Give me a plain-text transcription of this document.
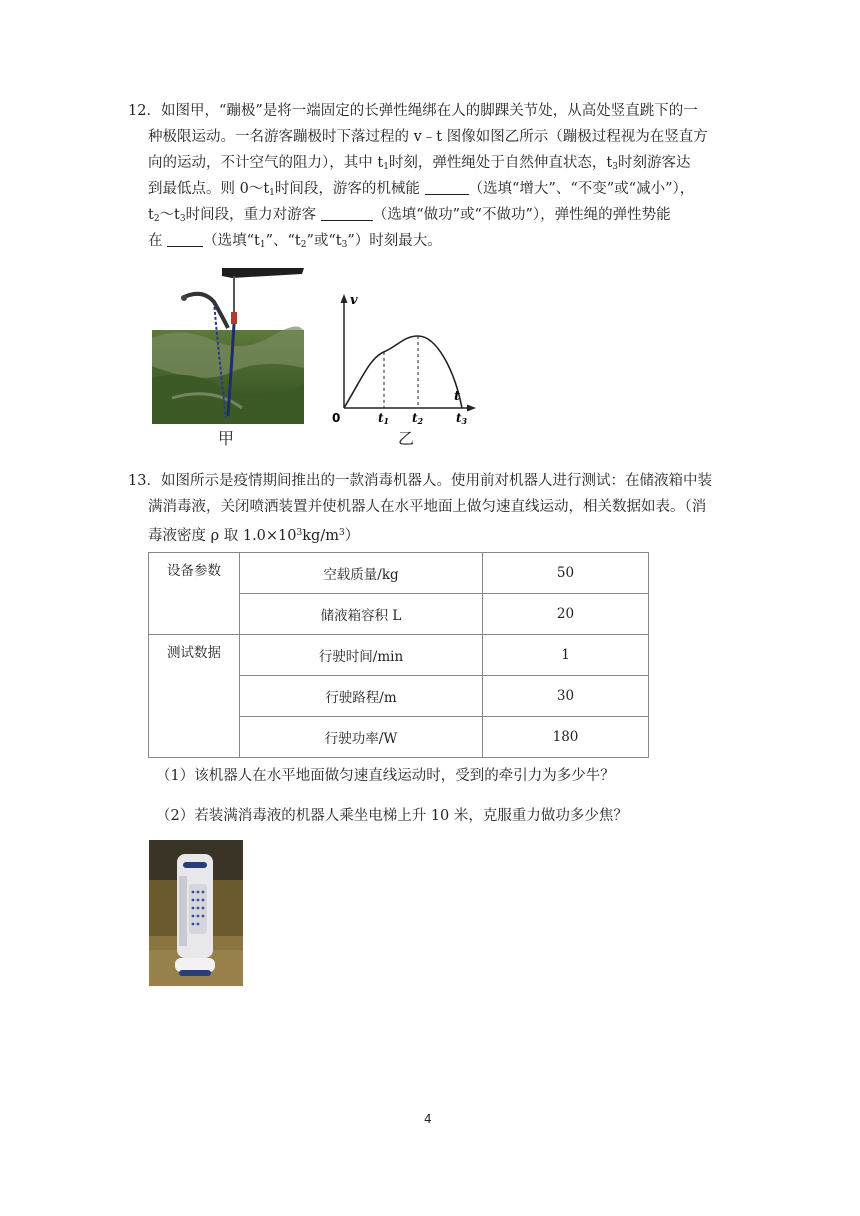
12．如图甲，“蹦极”是将一端固定的长弹性绳绑在人的脚踝关节处，从高处竖直跳下的一
种极限运动。一名游客蹦极时下落过程的 v﹣t 图像如图乙所示（蹦极过程视为在竖直方
向的运动，不计空气的阻力），其中 $t_1$时刻，弹性绳处于自然伸直状态，$t_3$时刻游客达
到最低点。则 $0\sim t_1$时间段，游客的机械能	（选填“增大”、“不变”或“减小”），
$t_2\sim t_3$时间段，重力对游客	（选填“做功”或“不做功”），弹性绳的弹性势能
在	（选填“$t_1$”、“$t_2$”或“$t_3$”）时刻最大。
甲
v
t
0	t1 t2	t3
乙
13．如图所示是疫情期间推出的一款消毒机器人。使用前对机器人进行测试：在储液箱中装
满消毒液，关闭喷洒装置并使机器人在水平地面上做匀速直线运动，相关数据如表。（消
毒液密度 ρ 取 $1.0\times 10^3kg/m^3$）
设备参数	空载质量/kg	50
	储液箱容积 L	20
测试数据	行驶时间/min	1
	行驶路程/m	30
	行驶功率/W	180
（1）该机器人在水平地面做匀速直线运动时，受到的牵引力为多少牛？
（2）若装满消毒液的机器人乘坐电梯上升 10 米，克服重力做功多少焦？
4
